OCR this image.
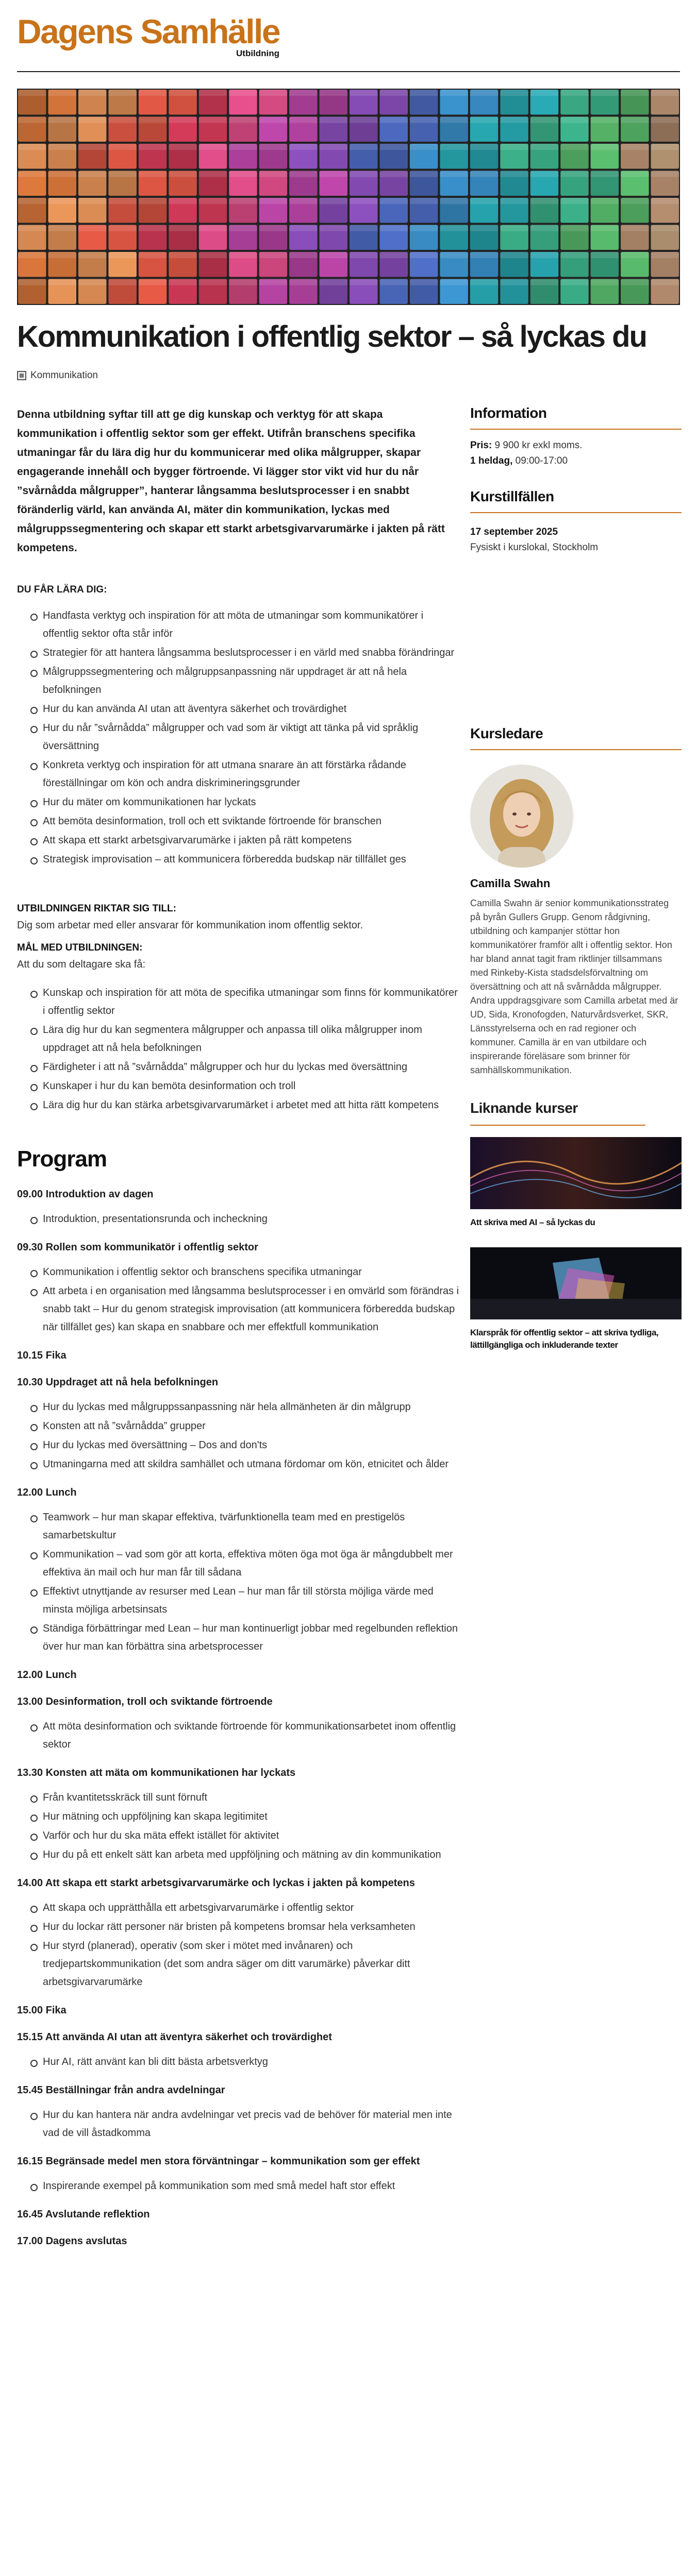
Dagens Samhälle
Utbildning
Kommunikation i offentlig sektor – så lyckas du
Kommunikation

Denna utbildning syftar till att ge dig kunskap och verktyg för att skapa kommunikation i offentlig sektor som ger effekt. Utifrån branschens specifika utmaningar får du lära dig hur du kommunicerar med olika målgrupper, skapar engagerande innehåll och bygger förtroende. Vi lägger stor vikt vid hur du når ”svårnådda målgrupper”, hanterar långsamma beslutsprocesser i en snabbt föränderlig värld, kan använda AI, mäter din kommunikation, lyckas med målgruppssegmentering och skapar ett starkt arbetsgivarvarumärke i jakten på rätt kompetens.

DU FÅR LÄRA DIG:

Handfasta verktyg och inspiration för att möta de utmaningar som kommunikatörer i offentlig sektor ofta står inför
Strategier för att hantera långsamma beslutsprocesser i en värld med snabba förändringar
Målgruppssegmentering och målgruppsanpassning när uppdraget är att nå hela befolkningen
Hur du kan använda AI utan att äventyra säkerhet och trovärdighet
Hur du når ”svårnådda” målgrupper och vad som är viktigt att tänka på vid språklig översättning
Konkreta verktyg och inspiration för att utmana snarare än att förstärka rådande föreställningar om kön och andra diskrimineringsgrunder
Hur du mäter om kommunikationen har lyckats
Att bemöta desinformation, troll och ett sviktande förtroende för branschen
Att skapa ett starkt arbetsgivarvarumärke i jakten på rätt kompetens
Strategisk improvisation – att kommunicera förberedda budskap när tillfället ges

UTBILDNINGEN RIKTAR SIG TILL:

Dig som arbetar med eller ansvarar för kommunikation inom offentlig sektor.

MÅL MED UTBILDNINGEN:

Att du som deltagare ska få:

Kunskap och inspiration för att möta de specifika utmaningar som finns för kommunikatörer i offentlig sektor
Lära dig hur du kan segmentera målgrupper och anpassa till olika målgrupper inom uppdraget att nå hela befolkningen
Färdigheter i att nå ”svårnådda” målgrupper och hur du lyckas med översättning
Kunskaper i hur du kan bemöta desinformation och troll
Lära dig hur du kan stärka arbetsgivarvarumärket i arbetet med att hitta rätt kompetens
Program
09.00 Introduktion av dagen
Introduktion, presentationsrunda och incheckning
09.30 Rollen som kommunikatör i offentlig sektor
Kommunikation i offentlig sektor och branschens specifika utmaningar
Att arbeta i en organisation med långsamma beslutsprocesser i en omvärld som förändras i snabb takt – Hur du genom strategisk improvisation (att kommunicera förberedda budskap när tillfället ges) kan skapa en snabbare och mer effektfull kommunikation
10.15 Fika
10.30 Uppdraget att nå hela befolkningen
Hur du lyckas med målgruppssanpassning när hela allmänheten är din målgrupp
Konsten att nå ”svårnådda” grupper
Hur du lyckas med översättning – Dos and don'ts
Utmaningarna med att skildra samhället och utmana fördomar om kön, etnicitet och ålder
12.00 Lunch
Teamwork – hur man skapar effektiva, tvärfunktionella team med en prestigelös samarbetskultur
Kommunikation – vad som gör att korta, effektiva möten öga mot öga är mångdubbelt mer effektiva än mail och hur man får till sådana
Effektivt utnyttjande av resurser med Lean – hur man får till största möjliga värde med minsta möjliga arbetsinsats
Ständiga förbättringar med Lean – hur man kontinuerligt jobbar med regelbunden reflektion över hur man kan förbättra sina arbetsprocesser
12.00 Lunch
13.00 Desinformation, troll och sviktande förtroende
Att möta desinformation och sviktande förtroende för kommunikationsarbetet inom offentlig sektor
13.30 Konsten att mäta om kommunikationen har lyckats
Från kvantitetsskräck till sunt förnuft
Hur mätning och uppföljning kan skapa legitimitet
Varför och hur du ska mäta effekt istället för aktivitet
Hur du på ett enkelt sätt kan arbeta med uppföljning och mätning av din kommunikation
14.00 Att skapa ett starkt arbetsgivarvarumärke och lyckas i jakten på kompetens
Att skapa och upprätthålla ett arbetsgivarvarumärke i offentlig sektor
Hur du lockar rätt personer när bristen på kompetens bromsar hela verksamheten
Hur styrd (planerad), operativ (som sker i mötet med invånaren) och tredjepartskommunikation (det som andra säger om ditt varumärke) påverkar ditt arbetsgivarvarumärke
15.00 Fika
15.15 Att använda AI utan att äventyra säkerhet och trovärdighet
Hur AI, rätt använt kan bli ditt bästa arbetsverktyg
15.45 Beställningar från andra avdelningar
Hur du kan hantera när andra avdelningar vet precis vad de behöver för material men inte vad de vill åstadkomma
16.15 Begränsade medel men stora förväntningar – kommunikation som ger effekt
Inspirerande exempel på kommunikation som med små medel haft stor effekt
16.45 Avslutande reflektion
17.00 Dagens avslutas
Information
Pris: 9 900 kr exkl moms.
1 heldag, 09:00-17:00
Kurstillfällen
17 september 2025
Fysiskt i kurslokal, Stockholm
Kursledare
Camilla Swahn

Camilla Swahn är senior kommunikationsstrateg på byrån Gullers Grupp. Genom rådgivning, utbildning och kampanjer stöttar hon kommunikatörer framför allt i offentlig sektor. Hon har bland annat tagit fram riktlinjer tillsammans med Rinkeby-Kista stadsdelsförvaltning om översättning och att nå svårnådda målgrupper. Andra uppdragsgivare som Camilla arbetat med är UD, Sida, Kronofogden, Naturvårdsverket, SKR, Länsstyrelserna och en rad regioner och kommuner. Camilla är en van utbildare och inspirerande föreläsare som brinner för samhällskommunikation.

Liknande kurser
Att skriva med AI – så lyckas du
Klarspråk för offentlig sektor – att skriva tydliga, lättillgängliga och inkluderande texter
